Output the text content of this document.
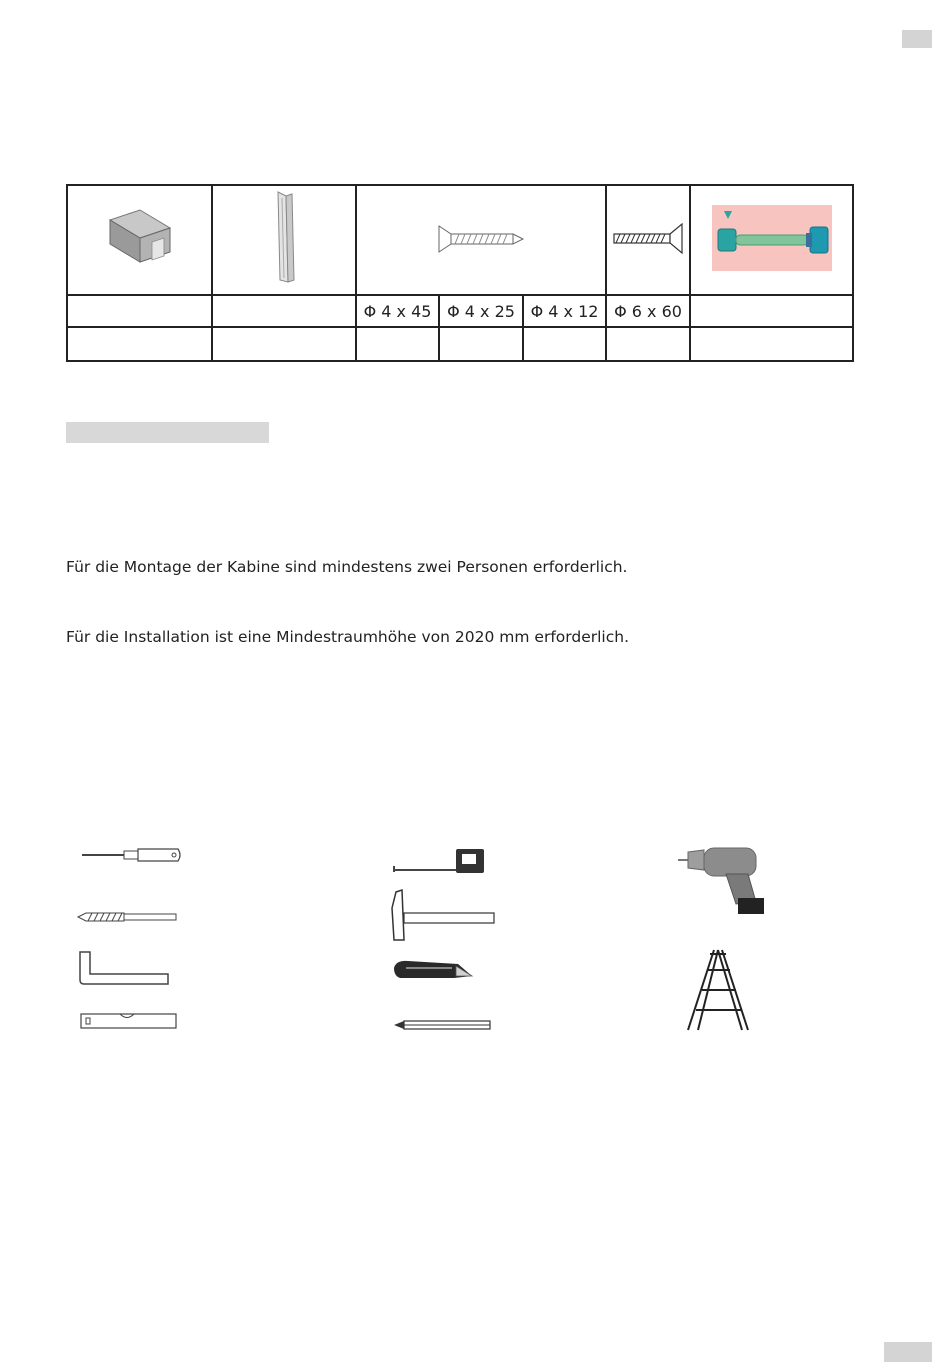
		Φ 4 x 45	Φ 4 x 25	Φ 4 x 12	Φ 6 x 60	

Für die Montage der Kabine sind mindestens zwei Personen erforderlich.
Für die Installation ist eine Mindestraumhöhe von 2020 mm erforderlich.
